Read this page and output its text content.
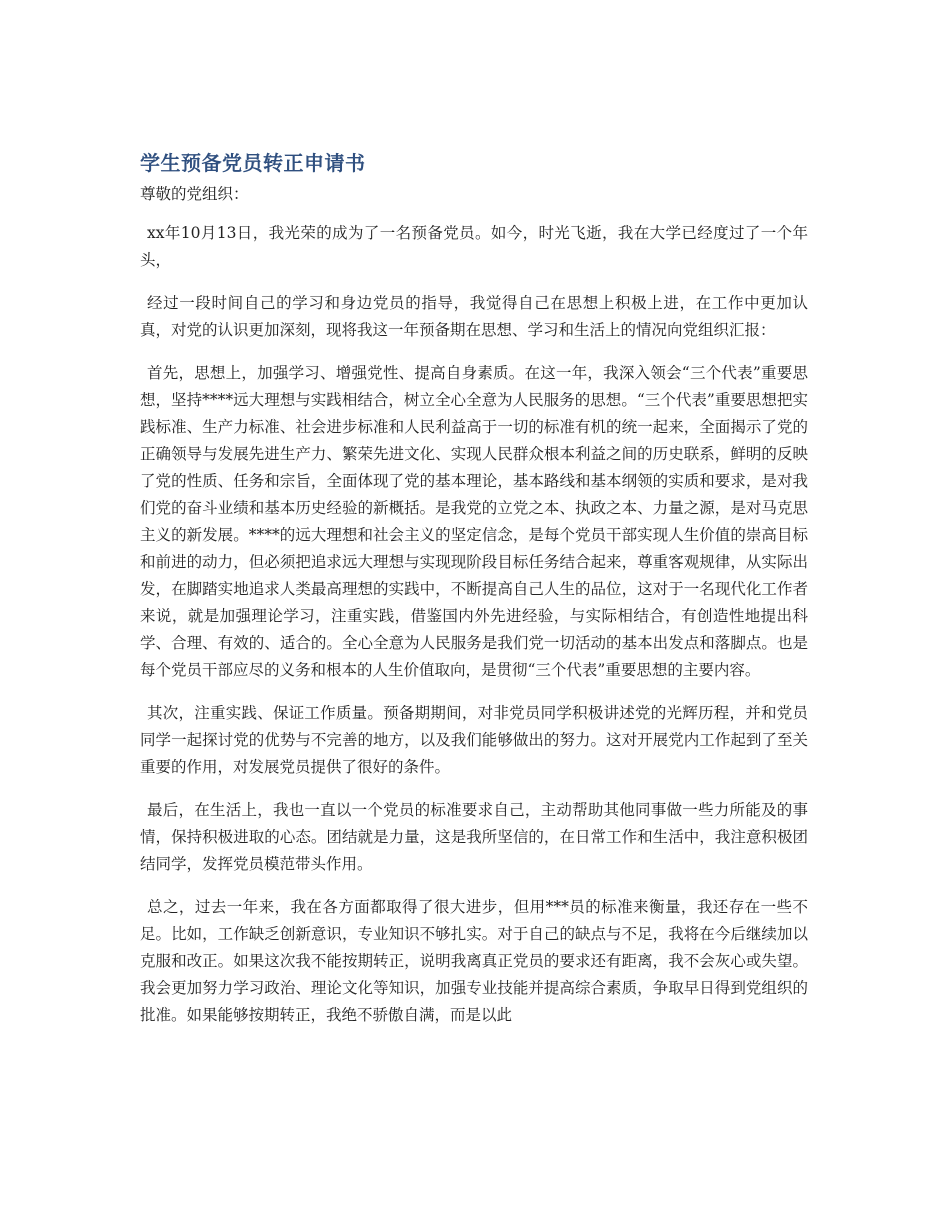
学生预备党员转正申请书

尊敬的党组织：

xx年10月13日，我光荣的成为了一名预备党员。如今，时光飞逝，我在大学已经度过了一个年头，

经过一段时间自己的学习和身边党员的指导，我觉得自己在思想上积极上进，在工作中更加认真，对党的认识更加深刻，现将我这一年预备期在思想、学习和生活上的情况向党组织汇报：

首先，思想上，加强学习、增强党性、提高自身素质。在这一年，我深入领会“三个代表”重要思想，坚持****远大理想与实践相结合，树立全心全意为人民服务的思想。“三个代表”重要思想把实践标准、生产力标准、社会进步标准和人民利益高于一切的标准有机的统一起来，全面揭示了党的正确领导与发展先进生产力、繁荣先进文化、实现人民群众根本利益之间的历史联系，鲜明的反映了党的性质、任务和宗旨，全面体现了党的基本理论，基本路线和基本纲领的实质和要求，是对我们党的奋斗业绩和基本历史经验的新概括。是我党的立党之本、执政之本、力量之源，是对马克思主义的新发展。****的远大理想和社会主义的坚定信念，是每个党员干部实现人生价值的崇高目标和前进的动力，但必须把追求远大理想与实现现阶段目标任务结合起来，尊重客观规律，从实际出发，在脚踏实地追求人类最高理想的实践中，不断提高自己人生的品位，这对于一名现代化工作者来说，就是加强理论学习，注重实践，借鉴国内外先进经验，与实际相结合，有创造性地提出科学、合理、有效的、适合的。全心全意为人民服务是我们党一切活动的基本出发点和落脚点。也是每个党员干部应尽的义务和根本的人生价值取向，是贯彻“三个代表”重要思想的主要内容。

其次，注重实践、保证工作质量。预备期期间，对非党员同学积极讲述党的光辉历程，并和党员同学一起探讨党的优势与不完善的地方，以及我们能够做出的努力。这对开展党内工作起到了至关重要的作用，对发展党员提供了很好的条件。

最后，在生活上，我也一直以一个党员的标准要求自己，主动帮助其他同事做一些力所能及的事情，保持积极进取的心态。团结就是力量，这是我所坚信的，在日常工作和生活中，我注意积极团结同学，发挥党员模范带头作用。

总之，过去一年来，我在各方面都取得了很大进步，但用***员的标准来衡量，我还存在一些不足。比如，工作缺乏创新意识，专业知识不够扎实。对于自己的缺点与不足，我将在今后继续加以克服和改正。如果这次我不能按期转正，说明我离真正党员的要求还有距离，我不会灰心或失望。我会更加努力学习政治、理论文化等知识，加强专业技能并提高综合素质，争取早日得到党组织的批准。如果能够按期转正，我绝不骄傲自满，而是以此
